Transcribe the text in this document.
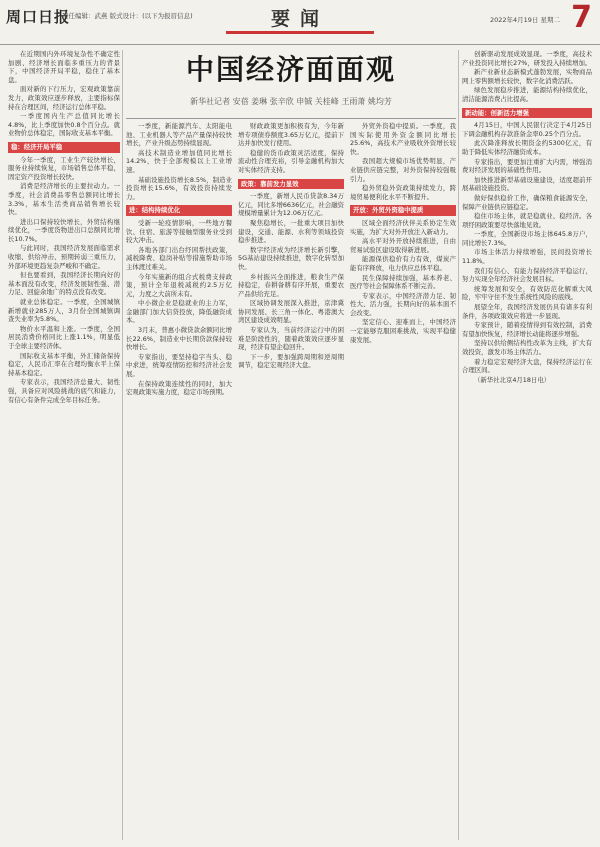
周口日报
责任编辑：武燕 版式设计：(以下为报眉信息)	要闻	2022年4月19日 星期二 7
中国经济面面观
新华社记者 安蓓 姜琳 张辛欣 申铖 关桂峰 王雨萧 姚均芳

在近期国内外环境复杂性不确定性加剧、经济增长面临多重压力的背景下，中国经济开局平稳，稳住了基本盘。

面对新的下行压力，宏观政策靠前发力，政策效应逐步释放，主要指标保持在合理区间，经济运行总体平稳。

一季度国内生产总值同比增长4.8%，比上季度加快0.8个百分点。就业物价总体稳定，国际收支基本平衡。

稳：经济开局平稳

今年一季度，工业生产较快增长，服务业持续恢复，市场销售总体平稳，固定资产投资增长较快。

消费是经济增长的主要拉动力。一季度，社会消费品零售总额同比增长3.3%，基本生活类商品销售增长较快。

进出口保持较快增长，外贸结构继续优化，一季度货物进出口总额同比增长10.7%。

与此同时，我国经济发展面临需求收缩、供给冲击、预期转弱三重压力，外部环境更趋复杂严峻和不确定。

但也要看到，我国经济长期向好的基本面没有改变，经济发展韧性强、潜力足、回旋余地广的特点没有改变。

就业总体稳定。一季度，全国城镇新增就业285万人，3月份全国城镇调查失业率为5.8%。

物价水平温和上涨。一季度，全国居民消费价格同比上涨1.1%，明显低于全球主要经济体。

国际收支基本平衡，外汇储备保持稳定，人民币汇率在合理均衡水平上保持基本稳定。

专家表示，我国经济总量大、韧性强，具备应对风险挑战的底气和能力，有信心有条件完成全年目标任务。

一季度，新能源汽车、太阳能电池、工业机器人等产品产量保持较快增长，产业升级态势持续显现。

高技术制造业增加值同比增长14.2%，快于全部规模以上工业增速。

基础设施投资增长8.5%，制造业投资增长15.6%，有效投资持续发力。

进：结构持续优化

受新一轮疫情影响，一些地方餐饮、住宿、旅游等接触型服务业受到较大冲击。

各地各部门出台纾困帮扶政策，减税降费、稳岗补贴等措施帮助市场主体渡过难关。

今年实施新的组合式税费支持政策，预计全年退税减税约2.5万亿元，力度之大前所未有。

中小微企业是稳就业的主力军，金融部门加大信贷投放，降低融资成本。

3月末，普惠小微贷款余额同比增长22.6%，制造业中长期贷款保持较快增长。

专家指出，要坚持稳字当头、稳中求进，统筹疫情防控和经济社会发展。

在保持政策连续性的同时，加大宏观政策实施力度，稳定市场预期。

财政政策更加积极有为，今年新增专项债券额度3.65万亿元，提前下达并加快发行使用。

稳健的货币政策灵活适度，保持流动性合理充裕，引导金融机构加大对实体经济支持。

政策：靠前发力显效

一季度，新增人民币贷款8.34万亿元，同比多增6636亿元，社会融资规模增量累计为12.06万亿元。

聚焦稳增长，一批重大项目加快建设，交通、能源、水利等领域投资稳步推进。

数字经济成为经济增长新引擎，5G基站建设持续推进，数字化转型加快。

乡村振兴全面推进，粮食生产保持稳定，春耕备耕有序开展，重要农产品供给充足。

区域协调发展深入推进，京津冀协同发展、长三角一体化、粤港澳大湾区建设成效明显。

专家认为，当前经济运行中的困难是阶段性的，随着政策效应逐步显现，经济有望企稳回升。

下一步，要加强跨周期和逆周期调节，稳定宏观经济大盘。

外贸外资稳中提质。一季度，我国实际使用外资金额同比增长25.6%，高技术产业吸收外资增长较快。

我国超大规模市场优势明显，产业链供应链完整，对外资保持较强吸引力。

稳外贸稳外资政策持续发力，跨境贸易便利化水平不断提升。

开放：外贸外资稳中提质

区域全面经济伙伴关系协定生效实施，为扩大对外开放注入新动力。

高水平对外开放持续推进，自由贸易试验区建设取得新进展。

能源保供稳价有力有效，煤炭产能有序释放，电力供应总体平稳。

民生保障持续加强，基本养老、医疗等社会保障体系不断完善。

专家表示，中国经济潜力足、韧性大、活力强，长期向好的基本面不会改变。

坚定信心、迎难而上，中国经济一定能够克服困难挑战，实现平稳健康发展。

创新驱动发展成效显现。一季度，高技术产业投资同比增长27%，研发投入持续增加。

新产业新业态新模式蓬勃发展，实物商品网上零售额增长较快，数字化消费活跃。

绿色发展稳步推进，能源结构持续优化，清洁能源消费占比提高。

新动能：创新活力增强

4月15日，中国人民银行决定于4月25日下调金融机构存款准备金率0.25个百分点。

此次降准释放长期资金约5300亿元，有助于降低实体经济融资成本。

专家指出，要更加注重扩大内需，增强消费对经济发展的基础性作用。

加快推进新型基础设施建设，适度超前开展基础设施投资。

做好保供稳价工作，确保粮食能源安全，保障产业链供应链稳定。

稳住市场主体，就是稳就业、稳经济。各项纾困政策要尽快落地见效。

一季度，全国新设市场主体645.8万户，同比增长7.3%。

市场主体活力持续增强，民间投资增长11.8%。

我们有信心、有能力保持经济平稳运行，努力实现全年经济社会发展目标。

统筹发展和安全，有效防范化解重大风险，牢牢守住不发生系统性风险的底线。

展望全年，我国经济发展仍具有诸多有利条件，各项政策效应将进一步显现。

专家预计，随着疫情得到有效控制，消费有望加快恢复，经济增长动能将逐步增强。

坚持以供给侧结构性改革为主线，扩大有效投资，激发市场主体活力。

着力稳定宏观经济大盘，保持经济运行在合理区间。

（新华社北京4月18日电）
